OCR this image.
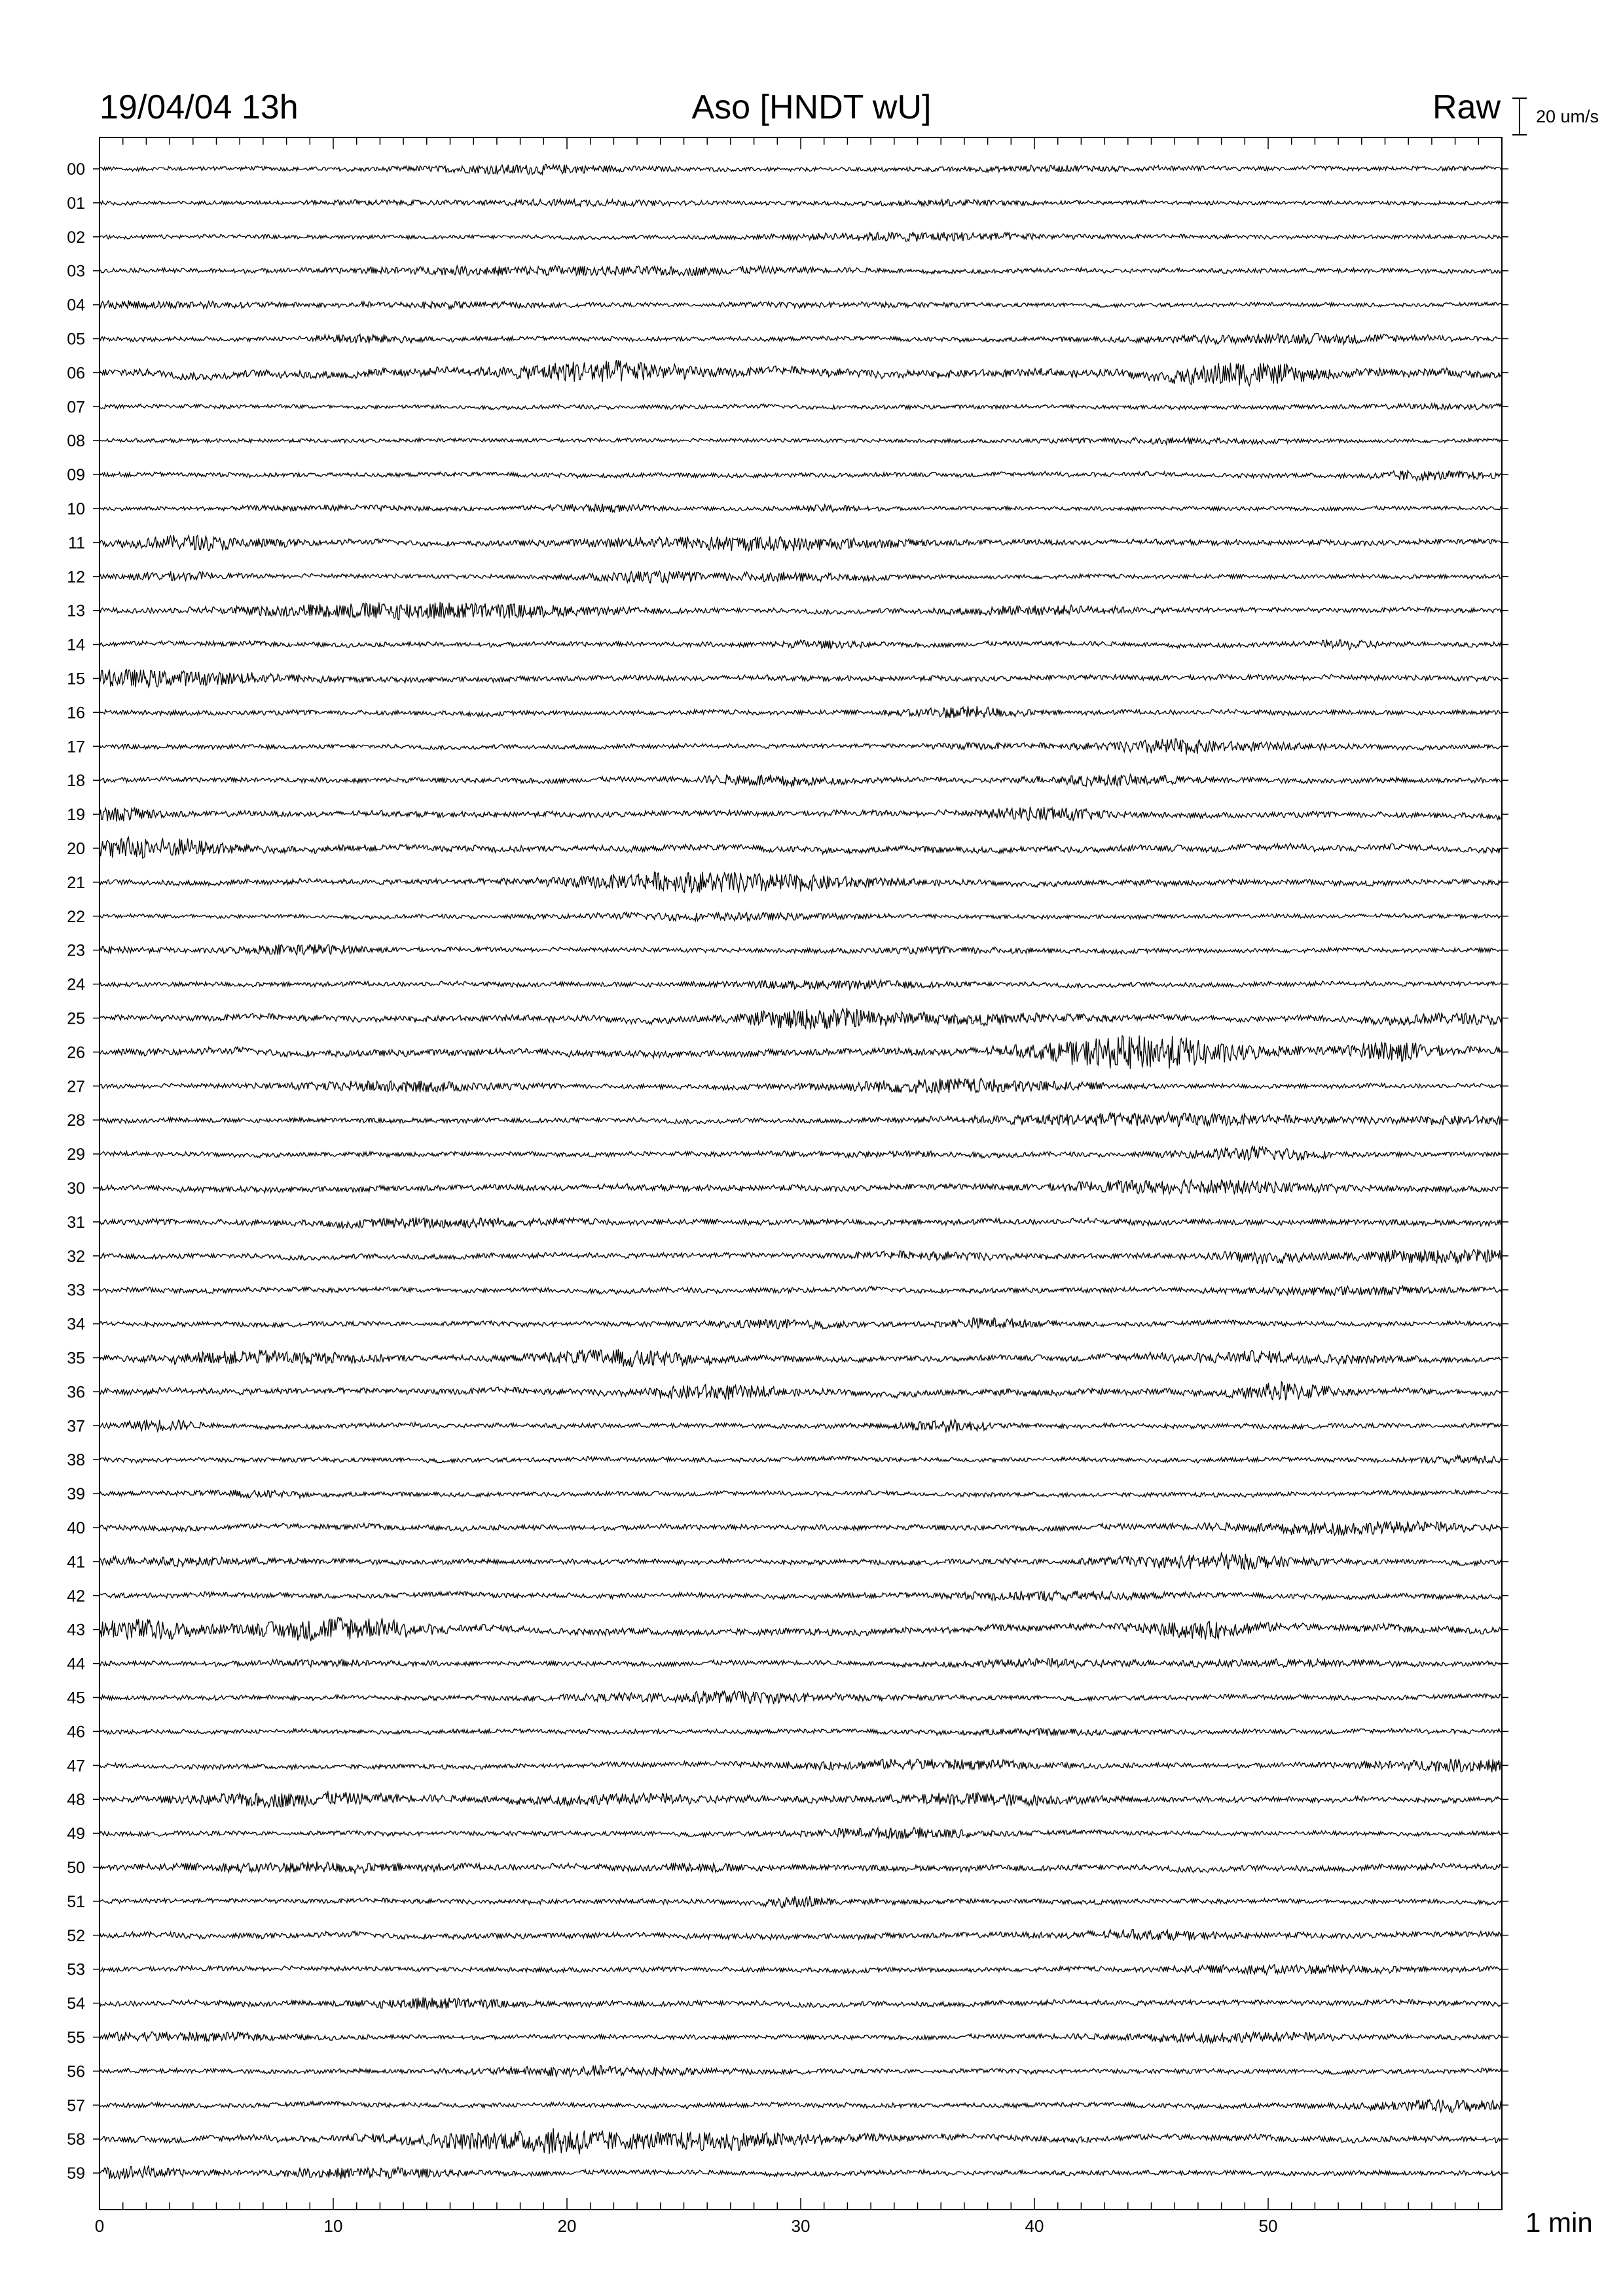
19/04/04 13h	Aso [HNDT wU]	Raw 20 um/s
1 min
0	10	20	30	40	50
00
01
02
03
04
05
06
07
08
09
10
11
12
13
14
15
16
17
18
19
20
21
22
23
24
25
26
27
28
29
30
31
32
33
34
35
36
37
38
39
40
41
42
43
44
45
46
47
48
49
50
51
52
53
54
55
56
57
58
59
